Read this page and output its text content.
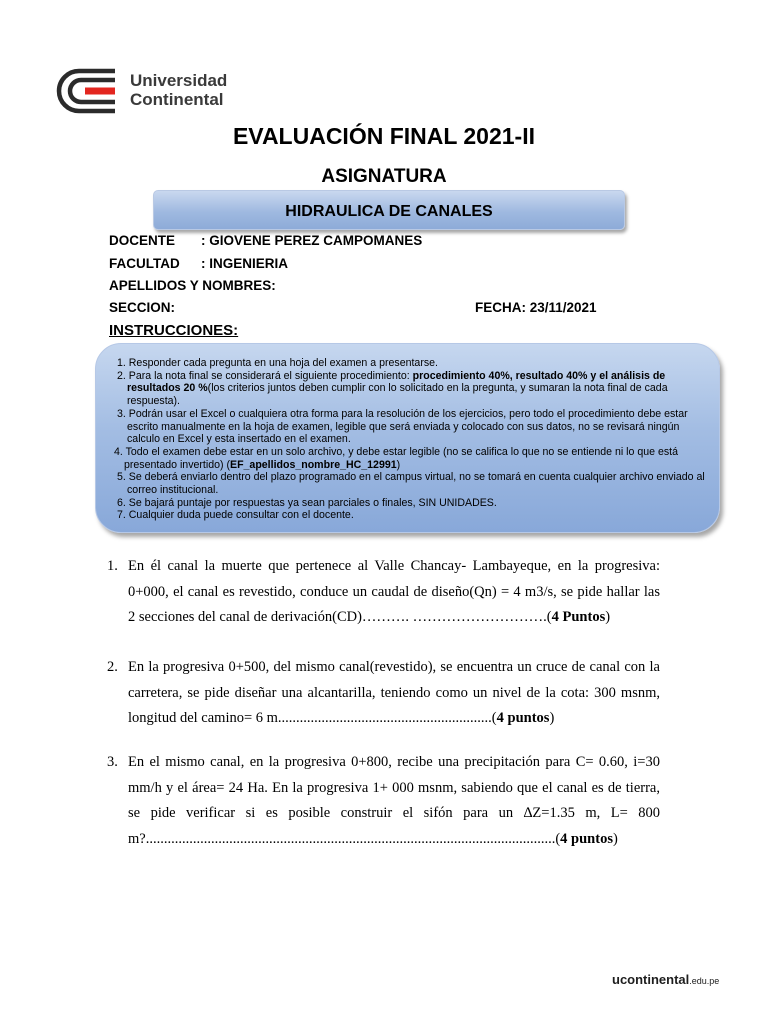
Universidad
Continental
EVALUACIÓN FINAL 2021-II
ASIGNATURA
HIDRAULICA DE CANALES
DOCENTE : GIOVENE PEREZ CAMPOMANES
FACULTAD : INGENIERIA
APELLIDOS Y NOMBRES:
SECCION:	FECHA: 23/11/2021
INSTRUCCIONES:
1. Responder cada pregunta en una hoja del examen a presentarse.
2. Para la nota final se considerará el siguiente procedimiento: procedimiento 40%, resultado 40% y el análisis de resultados 20 %(los criterios juntos deben cumplir con lo solicitado en la pregunta, y sumaran la nota final de cada respuesta).
3. Podrán usar el Excel o cualquiera otra forma para la resolución de los ejercicios, pero todo el procedimiento debe estar escrito manualmente en la hoja de examen, legible que será enviada y colocado con sus datos, no se revisará ningún calculo en Excel y esta insertado en el examen.
4. Todo el examen debe estar en un solo archivo, y debe estar legible (no se califica lo que no se entiende ni lo que está presentado invertido) (EF_apellidos_nombre_HC_12991)
5. Se deberá enviarlo dentro del plazo programado en el campus virtual, no se tomará en cuenta cualquier archivo enviado al correo institucional.
6. Se bajará puntaje por respuestas ya sean parciales o finales, SIN UNIDADES.
7. Cualquier duda puede consultar con el docente.
1. En él canal la muerte que pertenece al Valle Chancay- Lambayeque, en la progresiva: 0+000, el canal es revestido, conduce un caudal de diseño(Qn) = 4 m3/s, se pide hallar las 2 secciones del canal de derivación(CD)………. ……………………….(4 Puntos)
2. En la progresiva 0+500, del mismo canal(revestido), se encuentra un cruce de canal con la carretera, se pide diseñar una alcantarilla, teniendo como un nivel de la cota: 300 msnm, longitud del camino= 6 m...........................................................(4 puntos)
3. En el mismo canal, en la progresiva 0+800, recibe una precipitación para C= 0.60, i=30 mm/h y el área= 24 Ha. En la progresiva 1+ 000 msnm, sabiendo que el canal es de tierra, se pide verificar si es posible construir el sifón para un ∆Z=1.35 m, L= 800 m?.................................................................................................................(4 puntos)
ucontinental.edu.pe
